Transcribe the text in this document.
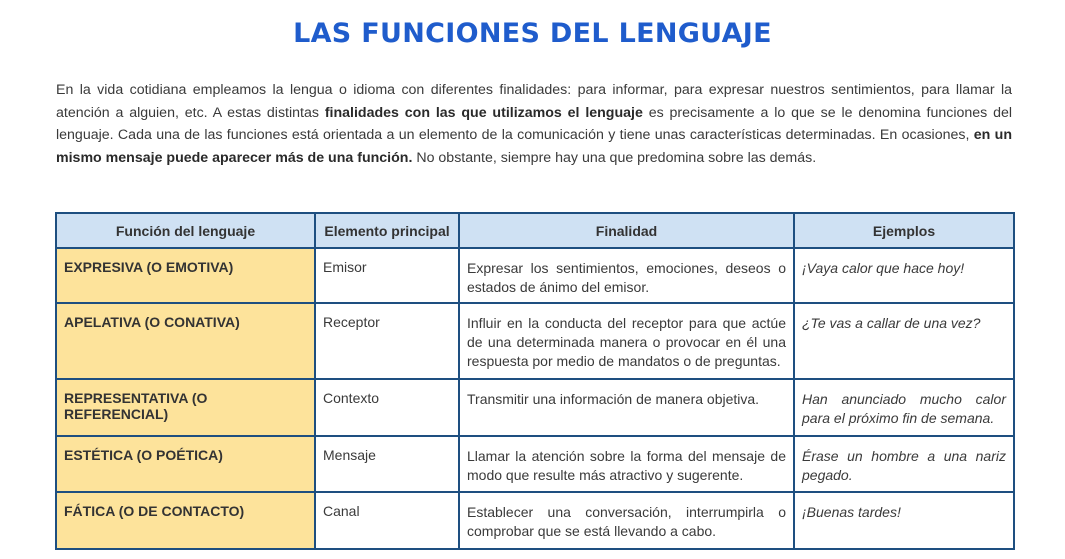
LAS FUNCIONES DEL LENGUAJE
En la vida cotidiana empleamos la lengua o idioma con diferentes finalidades: para informar, para expresar nuestros sentimientos, para llamar la atención a alguien, etc. A estas distintas finalidades con las que utilizamos el lenguaje es precisamente a lo que se le denomina funciones del lenguaje. Cada una de las funciones está orientada a un elemento de la comunicación y tiene unas características determinadas. En ocasiones, en un mismo mensaje puede aparecer más de una función. No obstante, siempre hay una que predomina sobre las demás.
Función del lenguaje	Elemento principal	Finalidad	Ejemplos
EXPRESIVA (O EMOTIVA)	Emisor	Expresar los sentimientos, emociones, deseos o estados de ánimo del emisor.	¡Vaya calor que hace hoy!
APELATIVA (O CONATIVA)	Receptor	Influir en la conducta del receptor para que actúe de una determinada manera o provocar en él una respuesta por medio de mandatos o de preguntas.	¿Te vas a callar de una vez?
REPRESENTATIVA (O REFERENCIAL)	Contexto	Transmitir una información de manera objetiva.	Han anunciado mucho calor para el próximo fin de semana.
ESTÉTICA (O POÉTICA)	Mensaje	Llamar la atención sobre la forma del mensaje de modo que resulte más atractivo y sugerente.	Érase un hombre a una nariz pegado.
FÁTICA (O DE CONTACTO)	Canal	Establecer una conversación, interrumpirla o comprobar que se está llevando a cabo.	¡Buenas tardes!
